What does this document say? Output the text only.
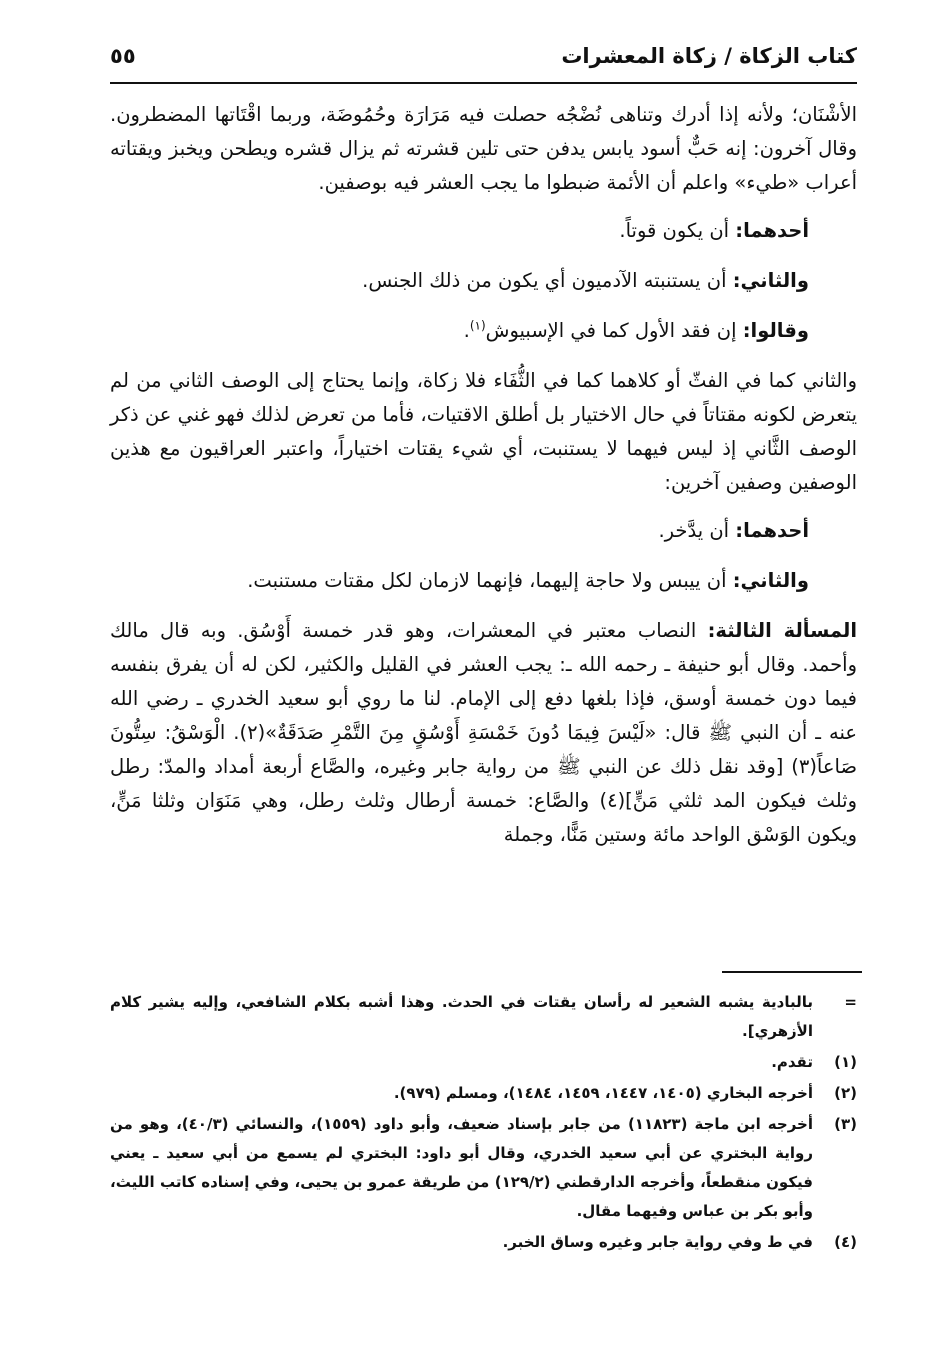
كتاب الزكاة / زكاة المعشرات
٥٥

الأشْنَان؛ ولأنه إذا أدرك وتناهى نُضْجُه حصلت فيه مَرَارَة وحُمُوضَة، وربما اقْتَاتها المضطرون. وقال آخرون: إنه حَبٌّ أسود يابس يدفن حتى تلين قشرته ثم يزال قشره ويطحن ويخبز ويقتاته أعراب «طيء» واعلم أن الأئمة ضبطوا ما يجب العشر فيه بوصفين.

أحدهما: أن يكون قوتاً.

والثاني: أن يستنبته الآدميون أي يكون من ذلك الجنس.

وقالوا: إن فقد الأول كما في الإسبيوش$^{(١)}$.

والثاني كما في الفثّ أو كلاهما كما في الثُّفَاء فلا زكاة، وإنما يحتاج إلى الوصف الثاني من لم يتعرض لكونه مقتاتاً في حال الاختيار بل أطلق الاقتيات، فأما من تعرض لذلك فهو غني عن ذكر الوصف الثَّاني إذ ليس فيهما لا يستنبت، أي شيء يقتات اختياراً، واعتبر العراقيون مع هذين الوصفين وصفين آخرين:

أحدهما: أن يدَّخر.

والثاني: أن ييبس ولا حاجة إليهما، فإنهما لازمان لكل مقتات مستنبت.

المسألة الثالثة: النصاب معتبر في المعشرات، وهو قدر خمسة أَوْسُق. وبه قال مالك وأحمد. وقال أبو حنيفة ـ رحمه الله ـ: يجب العشر في القليل والكثير، لكن له أن يفرق بنفسه فيما دون خمسة أوسق، فإذا بلغها دفع إلى الإمام. لنا ما روي أبو سعيد الخدري ـ رضي الله عنه ـ أن النبي ﷺ قال: «لَيْسَ فِيمَا دُونَ خَمْسَةِ أَوْسُقٍ مِنَ التَّمْرِ صَدَقَةٌ»(٢). الْوَسْقُ: سِتُّونَ صَاعاً(٣) [وقد نقل ذلك عن النبي ﷺ من رواية جابر وغيره، والصَّاع أربعة أمداد والمدّ: رطل وثلث فيكون المد ثلثي مَنٍّ](٤) والصَّاع: خمسة أرطال وثلث رطل، وهي مَنَوَان وثلثا مَنٍّ، ويكون الوَسْق الواحد مائة وستين مَنًّا، وجملة

=
بالبادية يشبه الشعير له رأسان يقتات في الحدث. وهذا أشبه بكلام الشافعي، وإليه يشير كلام الأزهري].
(١)
تقدم.
(٢)
أخرجه البخاري (١٤٠٥، ١٤٤٧، ١٤٥٩، ١٤٨٤)، ومسلم (٩٧٩).
(٣)
أخرجه ابن ماجة (١١٨٢٣) من جابر بإسناد ضعيف، وأبو داود (١٥٥٩)، والنسائي (٤٠/٣)، وهو من رواية البختري عن أبي سعيد الخدري، وقال أبو داود: البختري لم يسمع من أبي سعيد ـ يعني فيكون منقطعاً، وأخرجه الدارقطني (١٢٩/٢) من طريقة عمرو بن يحيى، وفي إسناده كاتب الليث، وأبو بكر بن عباس وفيهما مقال.
(٤)
في ط وفي رواية جابر وغيره وساق الخبر.
